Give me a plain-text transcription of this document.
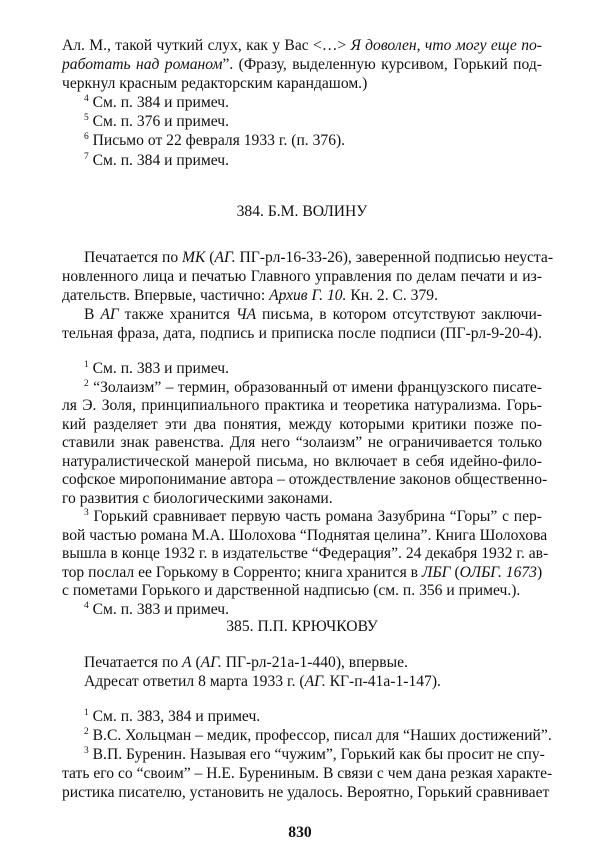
Ал. М., такой чуткий слух, как у Вас <…> Я доволен, что могу еще по-
работать над романом”. (Фразу, выделенную курсивом, Горький под-
черкнул красным редакторским карандашом.)
$^4$ См. п. 384 и примеч.
$^5$ См. п. 376 и примеч.
$^6$ Письмо от 22 февраля 1933 г. (п. 376).
$^7$ См. п. 384 и примеч.
384. Б.М. ВОЛИНУ
Печатается по МК (АГ. ПГ-рл-16-33-26), заверенной подписью неуста-
новленного лица и печатью Главного управления по делам печати и из-
дательств. Впервые, частично: Архив Г. 10. Кн. 2. С. 379.
В АГ также хранится ЧА письма, в котором отсутствуют заключи-
тельная фраза, дата, подпись и приписка после подписи (ПГ-рл-9-20-4).
$^1$ См. п. 383 и примеч.
$^2$ “Золаизм” – термин, образованный от имени французского писате-
ля Э. Золя, принципиального практика и теоретика натурализма. Горь-
кий разделяет эти два понятия, между которыми критики позже по-
ставили знак равенства. Для него “золаизм” не ограничивается только
натуралистической манерой письма, но включает в себя идейно-фило-
софское миропонимание автора – отождествление законов общественно-
го развития с биологическими законами.
$^3$ Горький сравнивает первую часть романа Зазубрина “Горы” с пер-
вой частью романа М.А. Шолохова “Поднятая целина”. Книга Шолохова
вышла в конце 1932 г. в издательстве “Федерация”. 24 декабря 1932 г. ав-
тор послал ее Горькому в Сорренто; книга хранится в ЛБГ (ОЛБГ. 1673)
с пометами Горького и дарственной надписью (см. п. 356 и примеч.).
$^4$ См. п. 383 и примеч.
385. П.П. КРЮЧКОВУ
Печатается по А (АГ. ПГ-рл-21а-1-440), впервые.
Адресат ответил 8 марта 1933 г. (АГ. КГ-п-41а-1-147).
$^1$ См. п. 383, 384 и примеч.
$^2$ В.С. Хольцман – медик, профессор, писал для “Наших достижений”.
$^3$ В.П. Буренин. Называя его “чужим”, Горький как бы просит не спу-
тать его со “своим” – Н.Е. Бурениным. В связи с чем дана резкая характе-
ристика писателю, установить не удалось. Вероятно, Горький сравнивает
830
